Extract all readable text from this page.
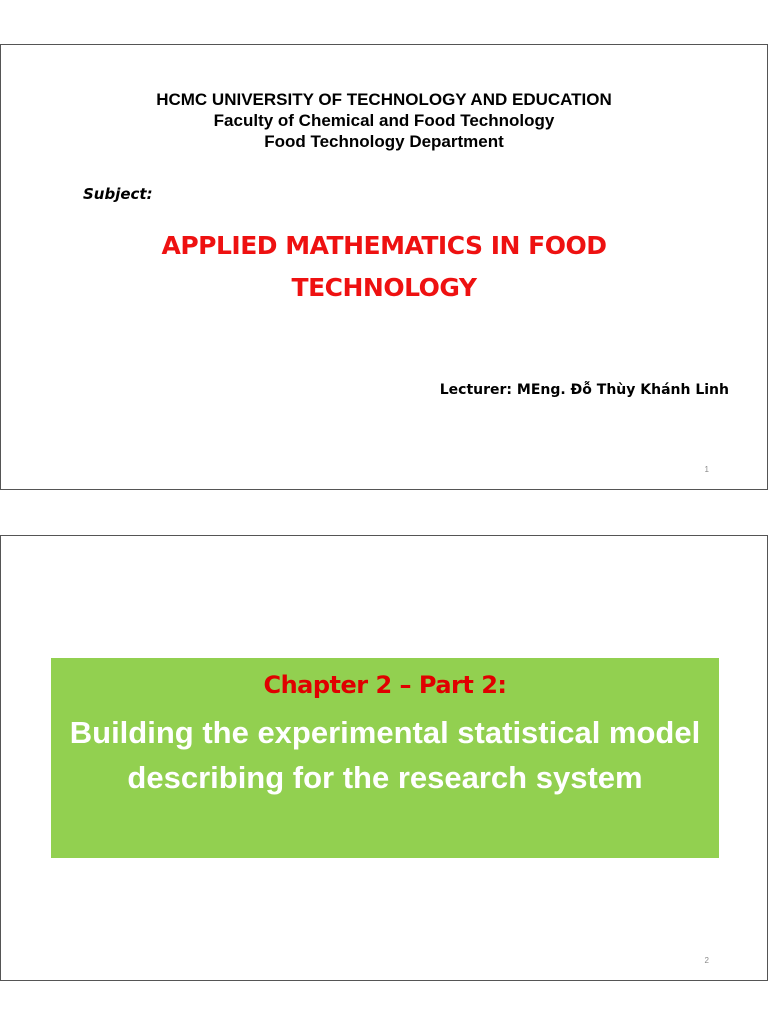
HCMC UNIVERSITY OF TECHNOLOGY AND EDUCATION
Faculty of Chemical and Food Technology
Food Technology Department
Subject:
APPLIED MATHEMATICS IN FOOD
TECHNOLOGY
Lecturer: MEng. Đỗ Thùy Khánh Linh
1
Chapter 2 – Part 2:
Building the experimental statistical model describing for the research system
2
